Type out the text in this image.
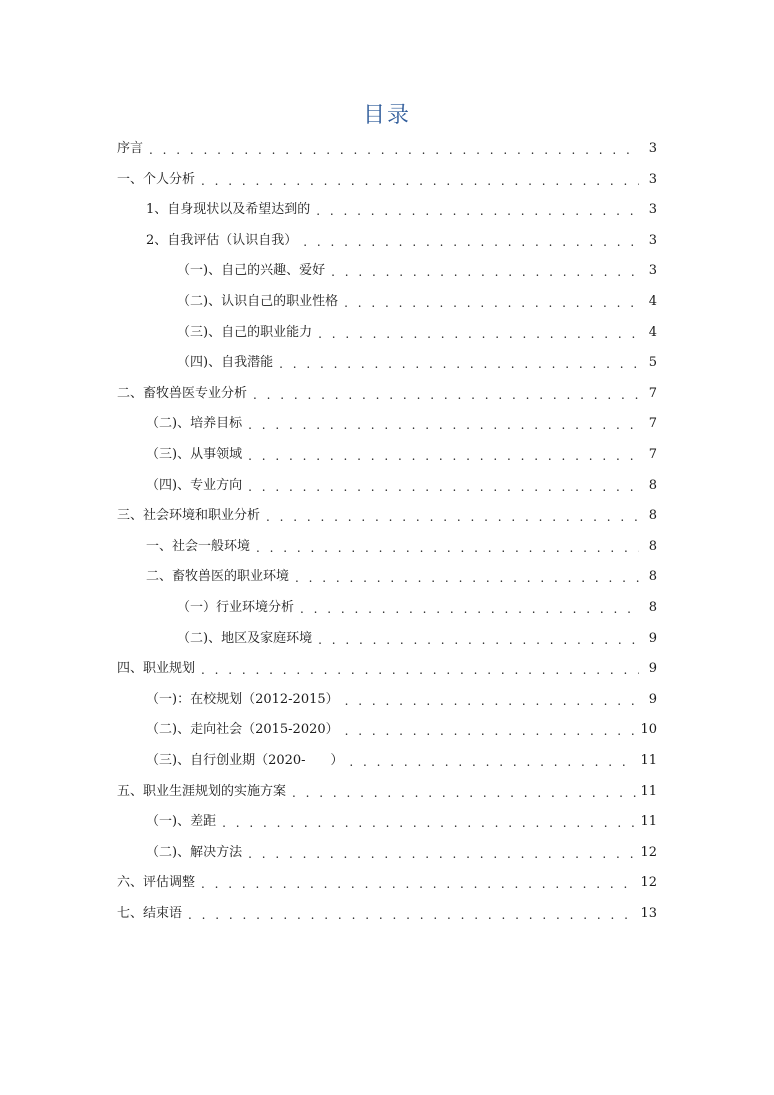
目录
序言 . . .	3
一、个人分析 . . .	3
1、自身现状以及希望达到的 . . .	3
2、自我评估（认识自我） . . .	3
（一)、自己的兴趣、爱好 . . .	3
（二)、认识自己的职业性格 . . .	4
（三)、自己的职业能力 . . .	4
（四)、自我潜能 . . .	5
二、畜牧兽医专业分析 . . .	7
（二)、培养目标 . . .	7
（三)、从事领域 . . .	7
（四)、专业方向 . . .	8
三、社会环境和职业分析 . . .	8
一、社会一般环境 . . .	8
二、畜牧兽医的职业环境 . . .	8
（一）行业环境分析 . . .	8
（二)、地区及家庭环境 . . .	9
四、职业规划 . . .	9
（一)：在校规划（2012-2015） . . .	9
（二)、走向社会（2015-2020） . . .	10
（三)、自行创业期（2020-      ） . . .	11
五、职业生涯规划的实施方案 . . .	11
（一)、差距 . . .	11
（二)、解决方法 . . .	12
六、评估调整 . . .	12
七、结束语 . . .	13
